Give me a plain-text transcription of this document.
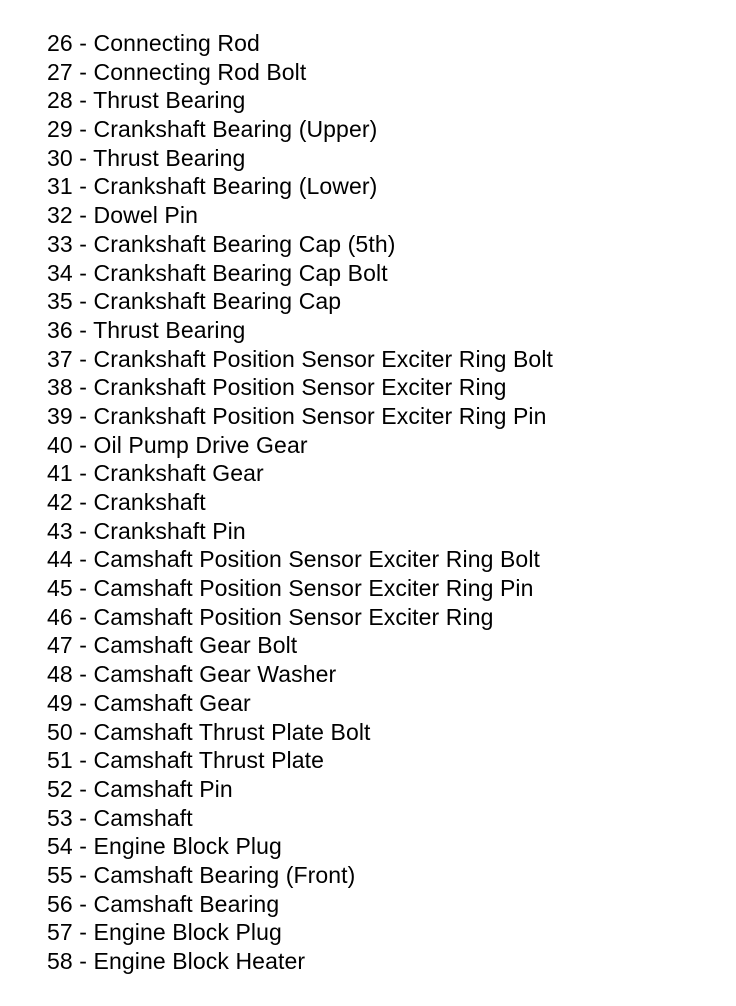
26 - Connecting Rod
27 - Connecting Rod Bolt
28 - Thrust Bearing
29 - Crankshaft Bearing (Upper)
30 - Thrust Bearing
31 - Crankshaft Bearing (Lower)
32 - Dowel Pin
33 - Crankshaft Bearing Cap (5th)
34 - Crankshaft Bearing Cap Bolt
35 - Crankshaft Bearing Cap
36 - Thrust Bearing
37 - Crankshaft Position Sensor Exciter Ring Bolt
38 - Crankshaft Position Sensor Exciter Ring
39 - Crankshaft Position Sensor Exciter Ring Pin
40 - Oil Pump Drive Gear
41 - Crankshaft Gear
42 - Crankshaft
43 - Crankshaft Pin
44 - Camshaft Position Sensor Exciter Ring Bolt
45 - Camshaft Position Sensor Exciter Ring Pin
46 - Camshaft Position Sensor Exciter Ring
47 - Camshaft Gear Bolt
48 - Camshaft Gear Washer
49 - Camshaft Gear
50 - Camshaft Thrust Plate Bolt
51 - Camshaft Thrust Plate
52 - Camshaft Pin
53 - Camshaft
54 - Engine Block Plug
55 - Camshaft Bearing (Front)
56 - Camshaft Bearing
57 - Engine Block Plug
58 - Engine Block Heater
